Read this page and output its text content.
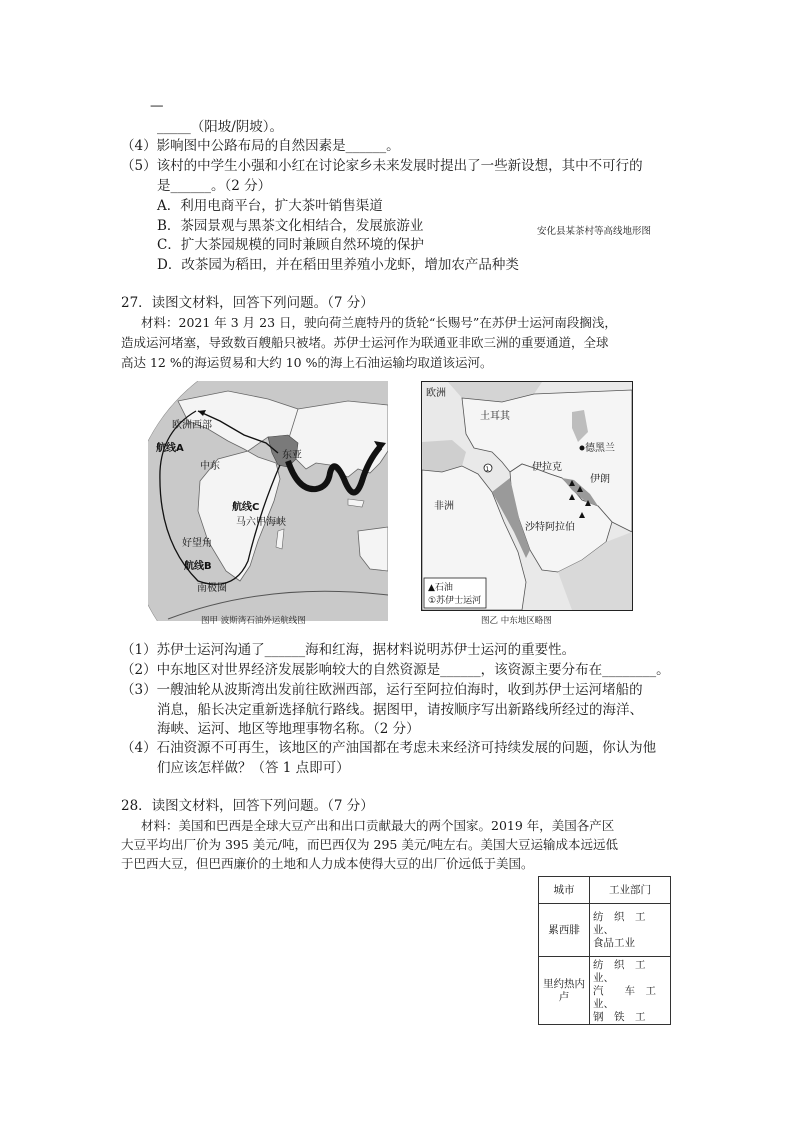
—
_____（阳坡/阴坡）。
（4）影响图中公路布局的自然因素是______。
（5）该村的中学生小强和小红在讨论家乡未来发展时提出了一些新设想，其中不可行的
是______。（2 分）
A．利用电商平台，扩大茶叶销售渠道
B．茶园景观与黑茶文化相结合，发展旅游业	安化县某茶村等高线地形图
C．扩大茶园规模的同时兼顾自然环境的保护
D．改茶园为稻田，并在稻田里养殖小龙虾，增加农产品种类
27．读图文材料，回答下列问题。（7 分）
材料：2021 年 3 月 23 日，驶向荷兰鹿特丹的货轮“长赐号”在苏伊士运河南段搁浅，
造成运河堵塞，导致数百艘船只被堵。苏伊士运河作为联通亚非欧三洲的重要通道，全球
高达 12 %的海运贸易和大约 10 %的海上石油运输均取道该运河。
欧洲西部
航线A
中东
东亚
航线C
马六甲海峡
好望角
航线B
南极圈
图甲 波斯湾石油外运航线图
1
欧洲
土耳其
德黑兰
伊拉克
伊朗
非洲
沙特阿拉伯
▲石油
①苏伊士运河
图乙 中东地区略图
（1）苏伊士运河沟通了______海和红海，据材料说明苏伊士运河的重要性。
（2）中东地区对世界经济发展影响较大的自然资源是______，该资源主要分布在________。
（3）一艘油轮从波斯湾出发前往欧洲西部，运行至阿拉伯海时，收到苏伊士运河堵船的
消息，船长决定重新选择航行路线。据图甲，请按顺序写出新路线所经过的海洋、
海峡、运河、地区等地理事物名称。（2 分）
（4）石油资源不可再生，该地区的产油国都在考虑未来经济可持续发展的问题，你认为他
们应该怎样做？（答 1 点即可）
28．读图文材料，回答下列问题。（7 分）
材料：美国和巴西是全球大豆产出和出口贡献最大的两个国家。2019 年，美国各产区
大豆平均出厂价为 395 美元/吨，而巴西仅为 295 美元/吨左右。美国大豆运输成本远远低
于巴西大豆，但巴西廉价的土地和人力成本使得大豆的出厂价远低于美国。
城市	工业部门
累西腓	纺　织　工
业、
食品工业

里约热内卢	纺　织　工
业、
汽　　车　工
业、
钢　铁　工
